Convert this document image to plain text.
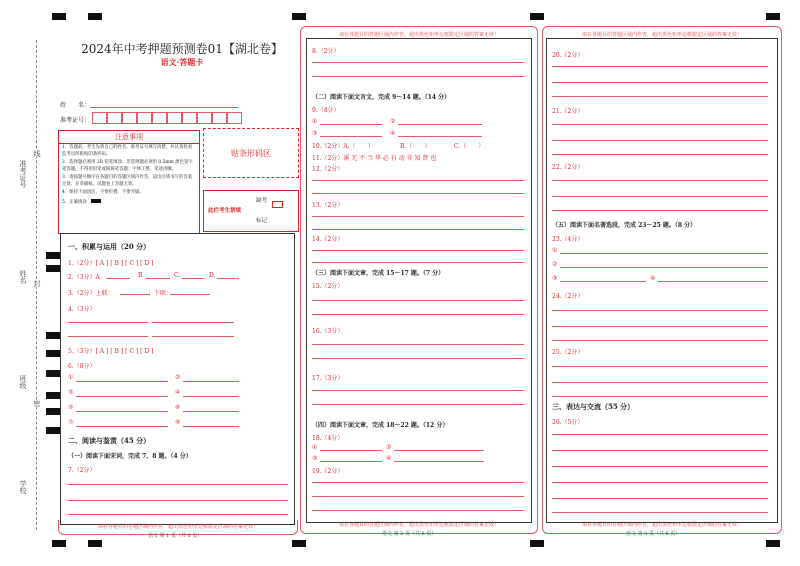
准考证号
姓名
班级
学校
线
封
密
2024年中考押题预测卷01【湖北卷】
语文·答题卡
姓　　名：
准考证号：
注意事项
1．答题前，考生先将自己的姓名、准考证号填写清楚，并认真检查监考员所粘贴的条形码。
2．选择题必须用 2B 铅笔填涂；非选择题必须用 0.5mm 黑色签字笔答题，不得用铅笔或圆珠笔答题；字体工整、笔迹清晰。
3．请按题号顺序在各题目的答题区域内作答，超出区域书写的答案无效；在草稿纸、试题卷上答题无效。
4．保持卡面清洁，不要折叠、不要弄破。
5．正确填涂
贴条形码区
此栏考生禁填
缺考
标记
一、积累与运用（20 分）
1.（2分）[ A ] [ B ] [ C ] [ D ]
2.（3分）A.	B.	C.	D.
3.（2分）上联：	；下联：
4.（3分）
5.（3分）[ A ] [ B ] [ C ] [ D ]
6.（8分）
①	②
③	④
⑤	⑥
⑦	⑧
二、阅读与鉴赏（45 分）
（一）阅读下面宋词，完成 7、8 题。（4 分）
7.（2分）
请在各题目的答题区域内作答，超出黑色矩形边框限定区域的答案无效！
语文 第 1 页（共 6 页）
请在各题目的答题区域内作答，超出黑色矩形边框限定区域的答案无效！
请在各题目的答题区域内作答，超出黑色矩形边框限定区域的答案无效！
8.（2分）
（二）阅读下面文言文，完成 9～14 题。（14 分）
9.（4分）
①	②
③	④
10.（2分）A.（　　）	B.（　　）	C.（　　）
11.（2分）溪 无 不 当 华 必 有 动 非 知 贤 也
12.（2分）
13.（2分）
14.（2分）
（三）阅读下面文章，完成 15～17 题。（7 分）
15.（2分）
16.（3分）
17.（3分）
（四）阅读下面文章，完成 18～22 题。（12 分）
18.（4分）
①	②
③	④
19.（2分）
语文 第 2 页（共 6 页）
请在各题目的答题区域内作答，超出黑色矩形边框限定区域的答案无效！
请在各题目的答题区域内作答，超出黑色矩形边框限定区域的答案无效！
20.（2分）
21.（2分）
22.（2分）
（五）阅读下面名著选段，完成 23～25 题。（8 分）
23.（4分）
①
②
③	④
24.（2分）
25.（2分）
三、表达与交流（55 分）
26.（5分）
语文 第 3 页（共 6 页）
